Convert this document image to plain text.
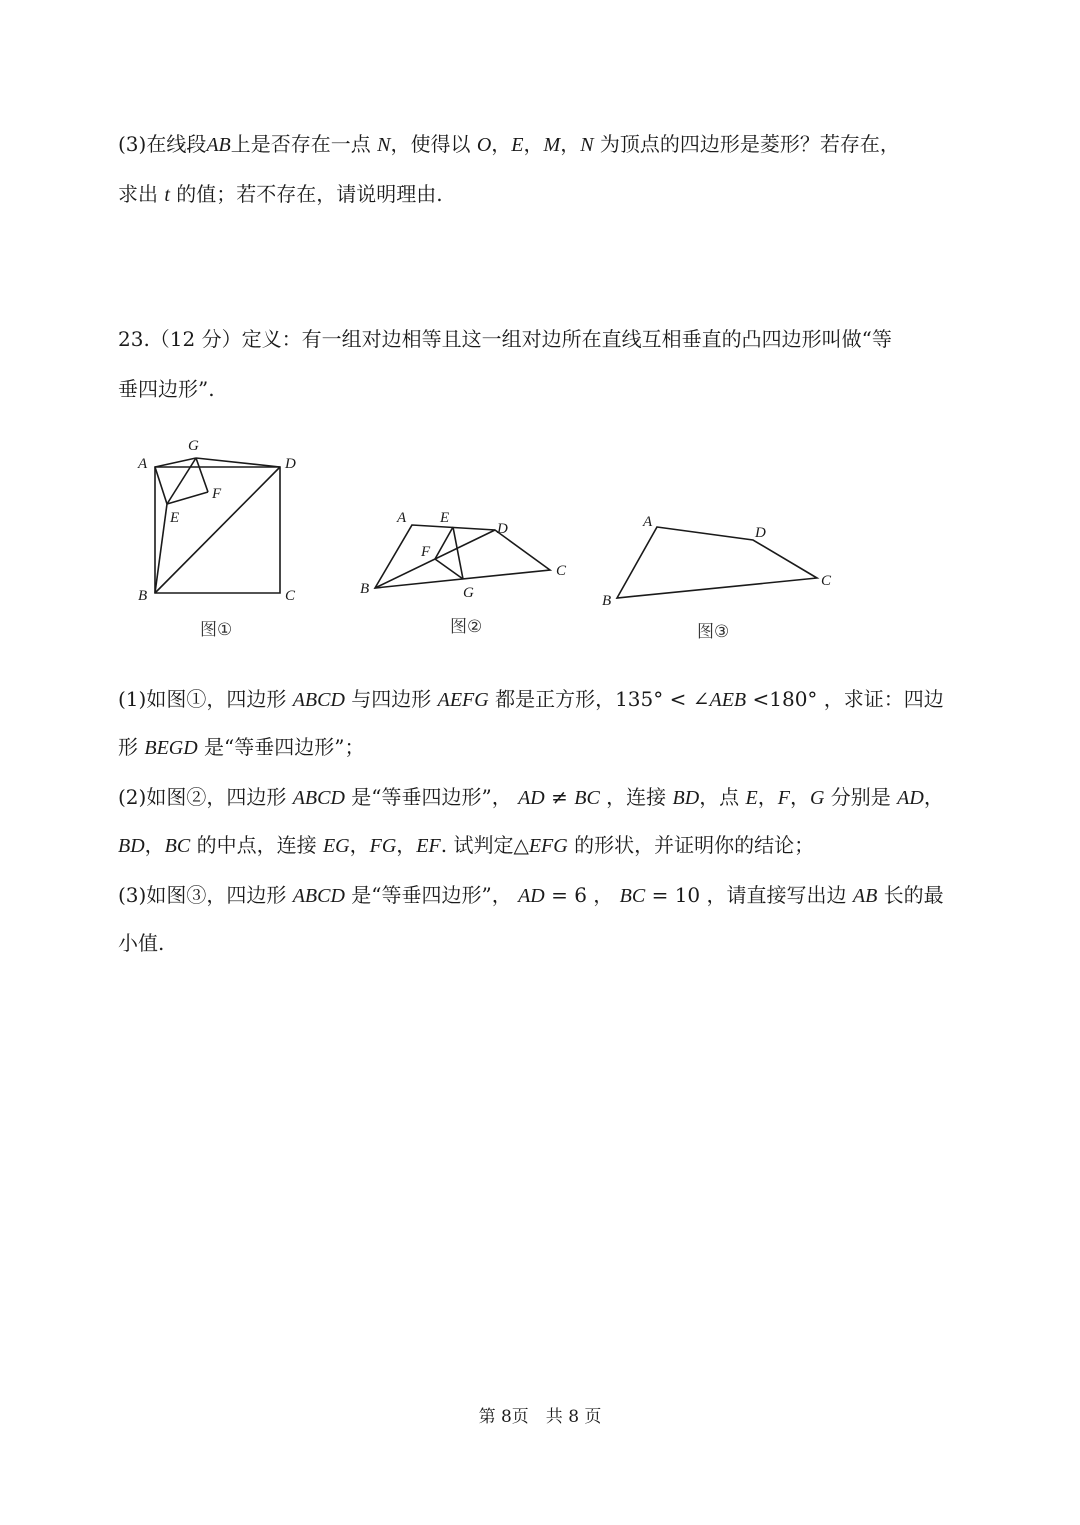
(3)在线段AB上是否存在一点 N，使得以 O，E，M，N 为顶点的四边形是菱形？若存在，
求出 t 的值；若不存在，请说明理由.
23.（12 分）定义：有一组对边相等且这一组对边所在直线互相垂直的凸四边形叫做“等
垂四边形”.
A
G
D
F
E
B	C
图①
A E
D
F
B	G
C
图②
A
D
C
B
图③
(1)如图①，四边形 ABCD 与四边形 AEFG 都是正方形，135° < ∠AEB <180° ，求证：四边
形 BEGD 是“等垂四边形”；
(2)如图②，四边形 ABCD 是“等垂四边形”， AD ≠ BC ，连接 BD，点 E，F，G 分别是 AD，
BD，BC 的中点，连接 EG，FG，EF. 试判定△EFG 的形状，并证明你的结论；
(3)如图③，四边形 ABCD 是“等垂四边形”， AD = 6 ， BC = 10 ，请直接写出边 AB 长的最
小值.
第 8页　共 8 页
